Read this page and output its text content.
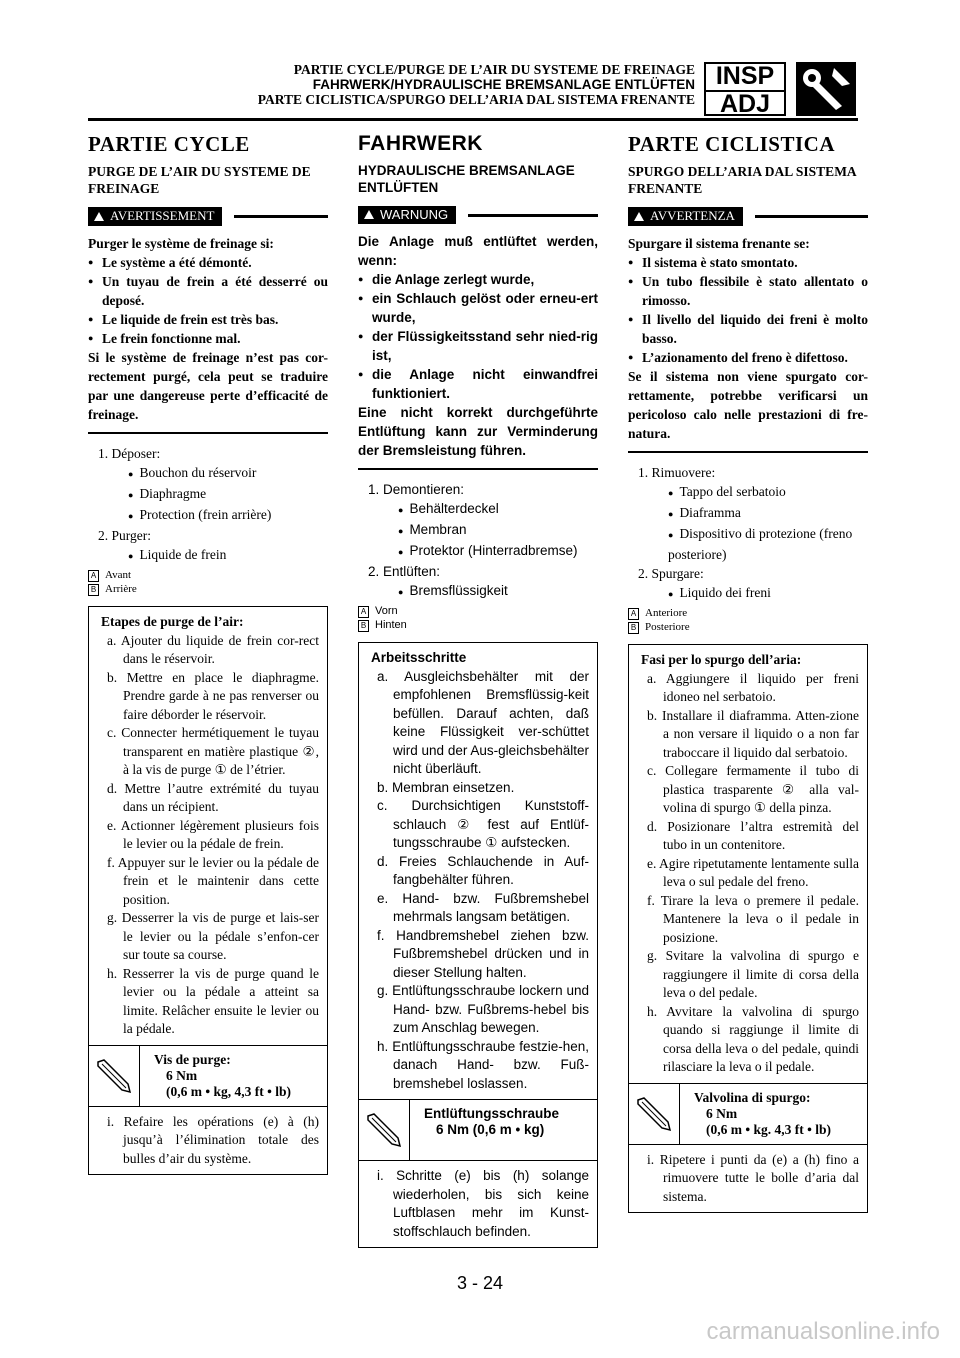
PARTIE CYCLE/PURGE DE L’AIR DU SYSTEME DE FREINAGE
FAHRWERK/HYDRAULISCHE BREMSANLAGE ENTLÜFTEN
PARTE CICLISTICA/SPURGO DELL’ARIA DAL SISTEMA FRENANTE
INSP
ADJ
PARTIE CYCLE
PURGE DE L’AIR DU SYSTEME DE FREINAGE
AVERTISSEMENT
Purger le système de freinage si:
● Le système a été démonté.
● Un tuyau de frein a été desserré ou deposé.
● Le liquide de frein est très bas.
● Le frein fonctionne mal.
Si le système de freinage n’est pas cor-rectement purgé, cela peut se traduire par une dangereuse perte d’efficacité de freinage.
1. Déposer:
● Bouchon du réservoir
● Diaphragme
● Protection (frein arrière)
2. Purger:
● Liquide de frein
A Avant
B Arrière
Etapes de purge de l’air:
a. Ajouter du liquide de frein cor-rect dans le réservoir.
b. Mettre en place le diaphragme. Prendre garde à ne pas renverser ou faire déborder le réservoir.
c. Connecter hermétiquement le tuyau transparent en matière plastique ②, à la vis de purge ① de l’étrier.
d. Mettre l’autre extrémité du tuyau dans un récipient.
e. Actionner légèrement plusieurs fois le levier ou la pédale de frein.
f. Appuyer sur le levier ou la pédale de frein et le maintenir dans cette position.
g. Desserrer la vis de purge et lais-ser le levier ou la pédale s’enfon-cer sur toute sa course.
h. Resserrer la vis de purge quand le levier ou la pédale a atteint sa limite. Relâcher ensuite le levier ou la pédale.
Vis de purge:
6 Nm
(0,6 m • kg, 4,3 ft • lb)
i. Refaire les opérations (e) à (h) jusqu’à l’élimination totale des bulles d’air du système.
FAHRWERK
HYDRAULISCHE BREMSANLAGE ENTLÜFTEN
WARNUNG
Die Anlage muß entlüftet werden, wenn:
● die Anlage zerlegt wurde,
● ein Schlauch gelöst oder erneu-ert wurde,
● der Flüssigkeitsstand sehr nied-rig ist,
● die Anlage nicht einwandfrei funktioniert.
Eine nicht korrekt durchgeführte Entlüftung kann zur Verminderung der Bremsleistung führen.
1. Demontieren:
● Behälterdeckel
● Membran
● Protektor (Hinterradbremse)
2. Entlüften:
● Bremsflüssigkeit
A Vorn
B Hinten
Arbeitsschritte
a. Ausgleichsbehälter mit der empfohlenen Bremsflüssig-keit befüllen. Darauf achten, daß keine Flüssigkeit ver-schüttet wird und der Aus-gleichsbehälter nicht überläuft.
b. Membran einsetzen.
c. Durchsichtigen Kunststoff-schlauch ② fest auf Entlüf-tungsschraube ① aufstecken.
d. Freies Schlauchende in Auf-fangbehälter führen.
e. Hand- bzw. Fußbremshebel mehrmals langsam betätigen.
f. Handbremshebel ziehen bzw. Fußbremshebel drücken und in dieser Stellung halten.
g. Entlüftungsschraube lockern und Hand- bzw. Fußbrems-hebel bis zum Anschlag bewegen.
h. Entlüftungsschraube festzie-hen, danach Hand- bzw. Fuß-bremshebel loslassen.
Entlüftungsschraube
6 Nm (0,6 m • kg)
i. Schritte (e) bis (h) solange wiederholen, bis sich keine Luftblasen mehr im Kunst-stoffschlauch befinden.
PARTE CICLISTICA
SPURGO DELL’ARIA DAL SISTEMA FRENANTE
AVVERTENZA
Spurgare il sistema frenante se:
● Il sistema è stato smontato.
● Un tubo flessibile è stato allentato o rimosso.
● Il livello del liquido dei freni è molto basso.
● L’azionamento del freno è difettoso.
Se il sistema non viene spurgato cor-rettamente, potrebbe verificarsi un pericoloso calo nelle prestazioni di fre-natura.
1. Rimuovere:
● Tappo del serbatoio
● Diaframma
● Dispositivo di protezione (freno posteriore)
2. Spurgare:
● Liquido dei freni
A Anteriore
B Posteriore
Fasi per lo spurgo dell’aria:
a. Aggiungere il liquido per freni idoneo nel serbatoio.
b. Installare il diaframma. Atten-zione a non versare il liquido o a non far traboccare il liquido dal serbatoio.
c. Collegare fermamente il tubo di plastica trasparente ② alla val-volina di spurgo ① della pinza.
d. Posizionare l’altra estremità del tubo in un contenitore.
e. Agire ripetutamente lentamente sulla leva o sul pedale del freno.
f. Tirare la leva o premere il pedale. Mantenere la leva o il pedale in posizione.
g. Svitare la valvolina di spurgo e raggiungere il limite di corsa della leva o del pedale.
h. Avvitare la valvolina di spurgo quando si raggiunge il limite di corsa della leva o del pedale, quindi rilasciare la leva o il pedale.
Valvolina di spurgo:
6 Nm
(0,6 m • kg. 4,3 ft • lb)
i. Ripetere i punti da (e) a (h) fino a rimuovere tutte le bolle d’aria dal sistema.
3 - 24
carmanualsonline.info
